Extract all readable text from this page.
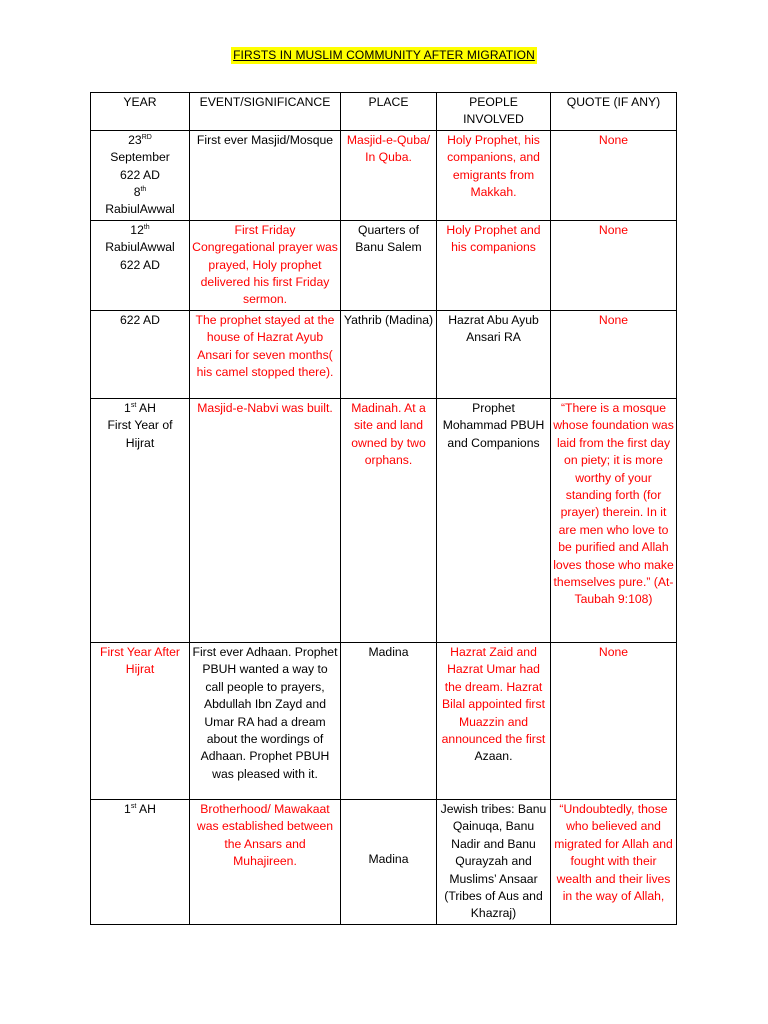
FIRSTS IN MUSLIM COMMUNITY AFTER MIGRATION
YEAR	EVENT/SIGNIFICANCE	PLACE	PEOPLE INVOLVED	QUOTE (IF ANY)
23RD
September
622 AD
8th
RabiulAwwal	First ever Masjid/Mosque	Masjid-e-Quba/ In Quba.	Holy Prophet, his companions, and emigrants from Makkah.	None
12th
RabiulAwwal
622 AD	First Friday Congregational prayer was prayed, Holy prophet delivered his first Friday sermon.	Quarters of Banu Salem	Holy Prophet and his companions	None
622 AD	The prophet stayed at the house of Hazrat Ayub Ansari for seven months( his camel stopped there).	Yathrib (Madina)	Hazrat Abu Ayub Ansari RA	None
1st AH
First Year of Hijrat	Masjid-e-Nabvi was built.	Madinah. At a site and land owned by two orphans.	Prophet Mohammad PBUH and Companions	“There is a mosque whose foundation was laid from the first day on piety; it is more worthy of your standing forth (for prayer) therein. In it are men who love to be purified and Allah loves those who make themselves pure.” (At-Taubah 9:108)
First Year After Hijrat	First ever Adhaan. Prophet PBUH wanted a way to call people to prayers, Abdullah Ibn Zayd and Umar RA had a dream about the wordings of Adhaan. Prophet PBUH was pleased with it.	Madina	Hazrat Zaid and Hazrat Umar had the dream. Hazrat Bilal appointed first Muazzin and announced the first Azaan.	None
1st AH	Brotherhood/ Mawakaat was established between the Ansars and Muhajireen.	Madina	Jewish tribes: Banu Qainuqa, Banu Nadir and Banu Qurayzah and Muslims’ Ansaar (Tribes of Aus and Khazraj)	“Undoubtedly, those who believed and migrated for Allah and fought with their wealth and their lives in the way of Allah,
